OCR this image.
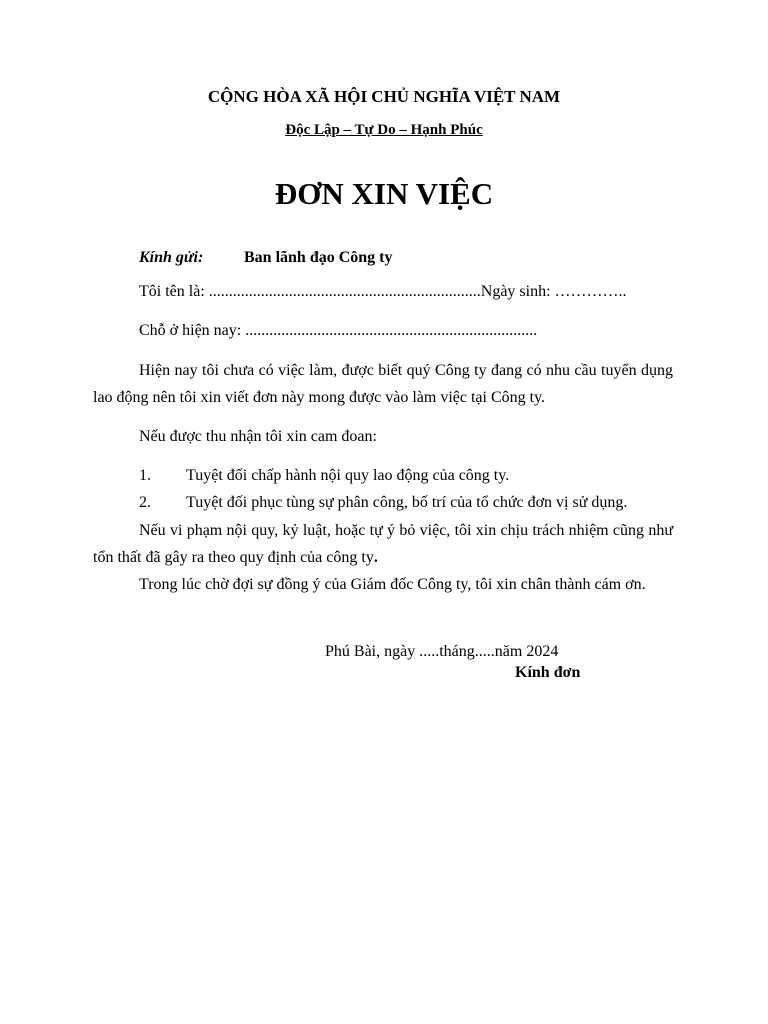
CỘNG HÒA XÃ HỘI CHỦ NGHĨA VIỆT NAM
Độc Lập – Tự Do – Hạnh Phúc
ĐƠN XIN VIỆC
Kính gửi:	Ban lãnh đạo Công ty
Tôi tên là: ....................................................................Ngày sinh: …………..
Chỗ ở hiện nay: .........................................................................
Hiện nay tôi chưa có việc làm, được biết quý Công ty đang có nhu cầu tuyển dụng lao động nên tôi xin viết đơn này mong được vào làm việc tại Công ty.
Nếu được thu nhận tôi xin cam đoan:
1. Tuyệt đối chấp hành nội quy lao động của công ty.
2. Tuyệt đối phục tùng sự phân công, bố trí của tổ chức đơn vị sử dụng.
Nếu vi phạm nội quy, kỷ luật, hoặc tự ý bỏ việc, tôi xin chịu trách nhiệm cũng như tổn thất đã gây ra theo quy định của công ty.
Trong lúc chờ đợi sự đồng ý của Giám đốc Công ty, tôi xin chân thành cám ơn.
Phú Bài, ngày .....tháng.....năm 2024
Kính đơn
